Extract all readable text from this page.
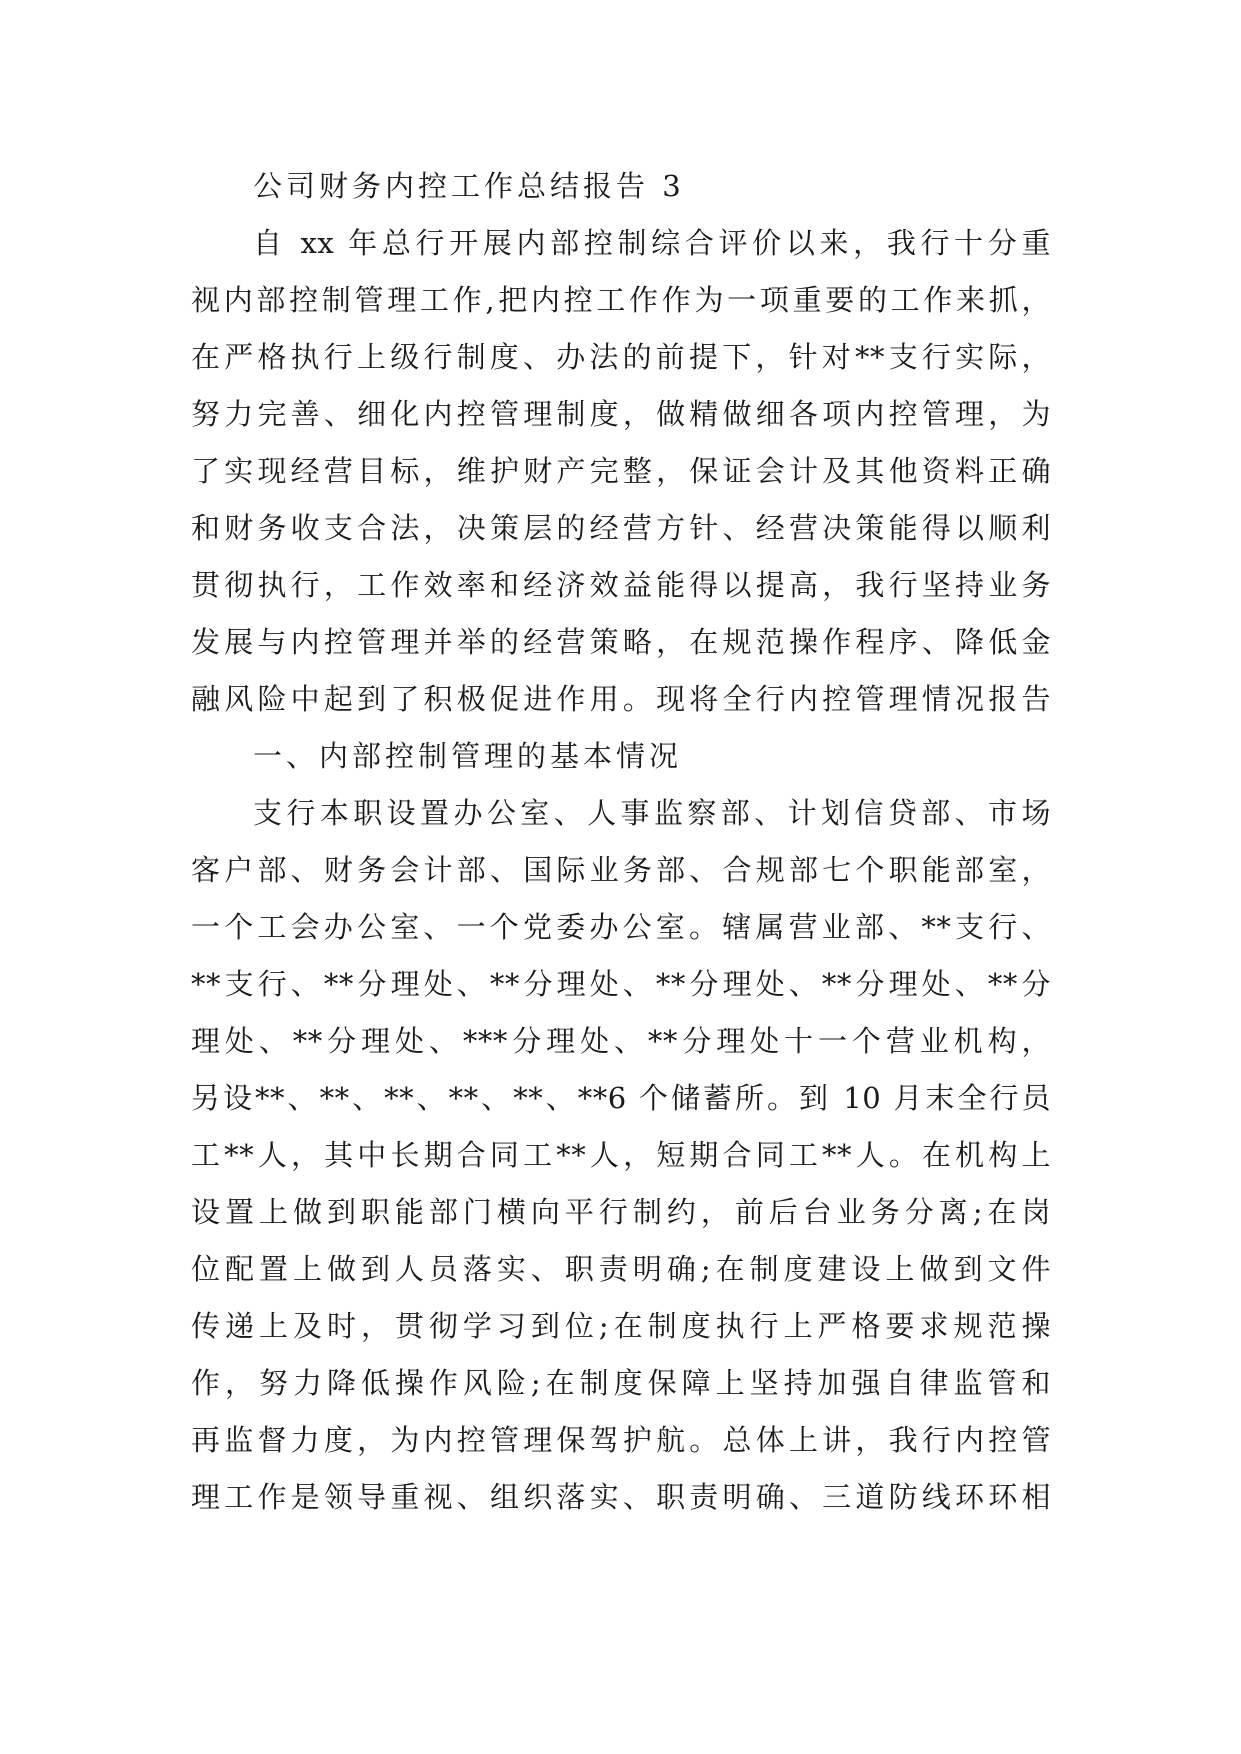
公司财务内控工作总结报告 3
自 xx 年总行开展内部控制综合评价以来，我行十分重
视内部控制管理工作,把内控工作作为一项重要的工作来抓，
在严格执行上级行制度、办法的前提下，针对**支行实际，
努力完善、细化内控管理制度，做精做细各项内控管理，为
了实现经营目标，维护财产完整，保证会计及其他资料正确
和财务收支合法，决策层的经营方针、经营决策能得以顺利
贯彻执行，工作效率和经济效益能得以提高，我行坚持业务
发展与内控管理并举的经营策略，在规范操作程序、降低金
融风险中起到了积极促进作用。现将全行内控管理情况报告
一、内部控制管理的基本情况
支行本职设置办公室、人事监察部、计划信贷部、市场
客户部、财务会计部、国际业务部、合规部七个职能部室，
一个工会办公室、一个党委办公室。辖属营业部、**支行、
**支行、**分理处、**分理处、**分理处、**分理处、**分
理处、**分理处、***分理处、**分理处十一个营业机构，
另设**、**、**、**、**、**6 个储蓄所。到 10 月末全行员
工**人，其中长期合同工**人，短期合同工**人。在机构上
设置上做到职能部门横向平行制约，前后台业务分离;在岗
位配置上做到人员落实、职责明确;在制度建设上做到文件
传递上及时，贯彻学习到位;在制度执行上严格要求规范操
作，努力降低操作风险;在制度保障上坚持加强自律监管和
再监督力度，为内控管理保驾护航。总体上讲，我行内控管
理工作是领导重视、组织落实、职责明确、三道防线环环相
